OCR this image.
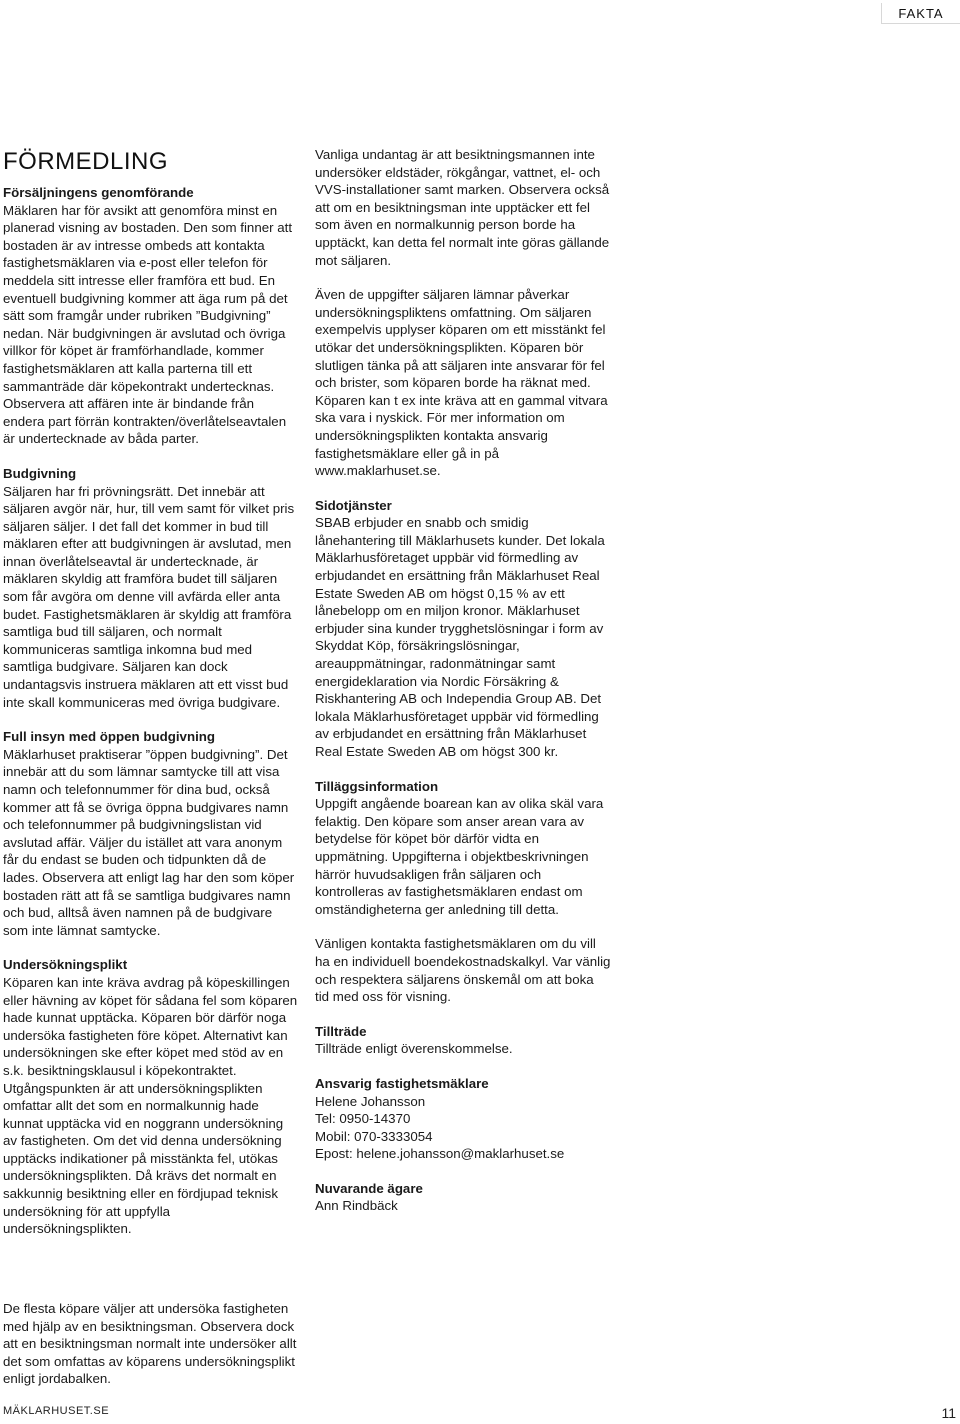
FAKTA
FÖRMEDLING
Försäljningens genomförande
Mäklaren har för avsikt att genomföra minst en planerad visning av bostaden. Den som finner att bostaden är av intresse ombeds att kontakta fastighetsmäklaren via e-post eller telefon för meddela sitt intresse eller framföra ett bud. En eventuell budgivning kommer att äga rum på det sätt som framgår under rubriken ”Budgivning” nedan. När budgivningen är avslutad och övriga villkor för köpet är framförhandlade, kommer fastighetsmäklaren att kalla parterna till ett sammanträde där köpekontrakt undertecknas. Observera att affären inte är bindande från endera part förrän kontrakten/överlåtelseavtalen är undertecknade av båda parter.
Budgivning
Säljaren har fri prövningsrätt. Det innebär att säljaren avgör när, hur, till vem samt för vilket pris säljaren säljer. I det fall det kommer in bud till mäklaren efter att budgivningen är avslutad, men innan överlåtelseavtal är undertecknade, är mäklaren skyldig att framföra budet till säljaren som får avgöra om denne vill avfärda eller anta budet. Fastighetsmäklaren är skyldig att framföra samtliga bud till säljaren, och normalt kommuniceras samtliga inkomna bud med samtliga budgivare. Säljaren kan dock undantagsvis instruera mäklaren att ett visst bud inte skall kommuniceras med övriga budgivare.
Full insyn med öppen budgivning
Mäklarhuset praktiserar ”öppen budgivning”. Det innebär att du som lämnar samtycke till att visa namn och telefonnummer för dina bud, också kommer att få se övriga öppna budgivares namn och telefonnummer på budgivningslistan vid avslutad affär. Väljer du istället att vara anonym får du endast se buden och tidpunkten då de lades. Observera att enligt lag har den som köper bostaden rätt att få se samtliga budgivares namn och bud, alltså även namnen på de budgivare som inte lämnat samtycke.
Undersökningsplikt
Köparen kan inte kräva avdrag på köpeskillingen eller hävning av köpet för sådana fel som köparen hade kunnat upptäcka. Köparen bör därför noga undersöka fastigheten före köpet. Alternativt kan undersökningen ske efter köpet med stöd av en s.k. besiktningsklausul i köpekontraktet. Utgångspunkten är att undersökningsplikten omfattar allt det som en normalkunnig hade kunnat upptäcka vid en noggrann undersökning av fastigheten. Om det vid denna undersökning upptäcks indikationer på misstänkta fel, utökas undersökningsplikten. Då krävs det normalt en sakkunnig besiktning eller en fördjupad teknisk undersökning för att uppfylla undersökningsplikten.

De flesta köpare väljer att undersöka fastigheten med hjälp av en besiktningsman. Observera dock att en besiktningsman normalt inte undersöker allt det som omfattas av köparens undersökningsplikt enligt jordabalken.

Vanliga undantag är att besiktningsmannen inte undersöker eldstäder, rökgångar, vattnet, el- och VVS-installationer samt marken. Observera också att om en besiktningsman inte upptäcker ett fel som även en normalkunnig person borde ha upptäckt, kan detta fel normalt inte göras gällande mot säljaren.

Även de uppgifter säljaren lämnar påverkar undersökningspliktens omfattning. Om säljaren exempelvis upplyser köparen om ett misstänkt fel utökar det undersökningsplikten. Köparen bör slutligen tänka på att säljaren inte ansvarar för fel och brister, som köparen borde ha räknat med. Köparen kan t ex inte kräva att en gammal vitvara ska vara i nyskick. För mer information om undersökningsplikten kontakta ansvarig fastighetsmäklare eller gå in på www.maklarhuset.se.

Sidotjänster
SBAB erbjuder en snabb och smidig lånehantering till Mäklarhusets kunder. Det lokala Mäklarhusföretaget uppbär vid förmedling av erbjudandet en ersättning från Mäklarhuset Real Estate Sweden AB om högst 0,15 % av ett lånebelopp om en miljon kronor. Mäklarhuset erbjuder sina kunder trygghetslösningar i form av Skyddat Köp, försäkringslösningar, areauppmätningar, radonmätningar samt energideklaration via Nordic Försäkring & Riskhantering AB och Independia Group AB. Det lokala Mäklarhusföretaget uppbär vid förmedling av erbjudandet en ersättning från Mäklarhuset Real Estate Sweden AB om högst 300 kr.
Tilläggsinformation
Uppgift angående boarean kan av olika skäl vara felaktig. Den köpare som anser arean vara av betydelse för köpet bör därför vidta en uppmätning. Uppgifterna i objektbeskrivningen härrör huvudsakligen från säljaren och kontrolleras av fastighetsmäklaren endast om omständigheterna ger anledning till detta.

Vänligen kontakta fastighetsmäklaren om du vill ha en individuell boendekostnadskalkyl. Var vänlig och respektera säljarens önskemål om att boka tid med oss för visning.

Tillträde
Tillträde enligt överenskommelse.
Ansvarig fastighetsmäklare
Helene Johansson
Tel: 0950-14370
Mobil: 070-3333054
Epost: helene.johansson@maklarhuset.se
Nuvarande ägare
Ann Rindbäck
MÄKLARHUSET.SE	11
